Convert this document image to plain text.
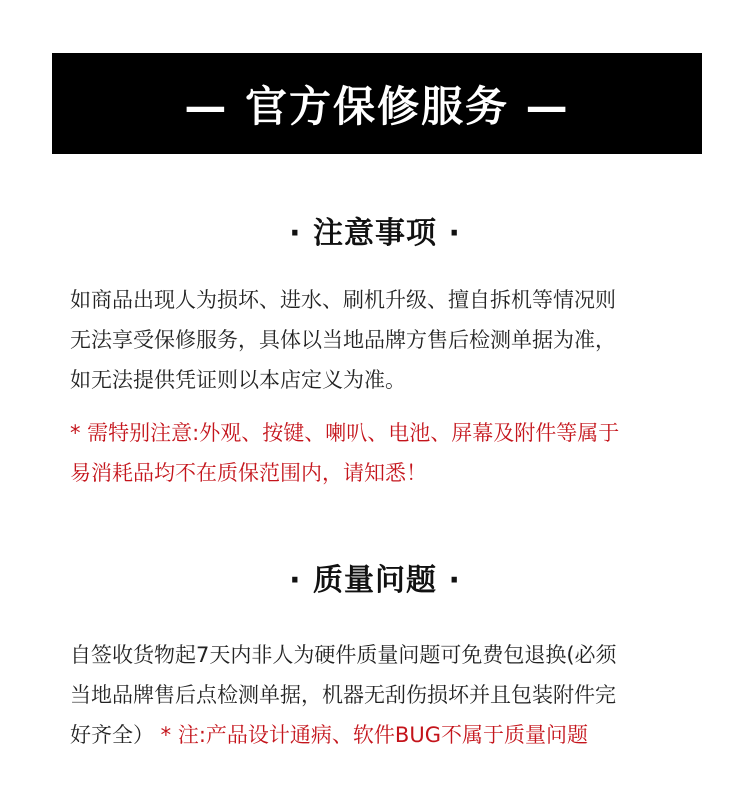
— 官方保修服务 —
· 注意事项 ·

如商品出现人为损坏、进水、刷机升级、擅自拆机等情况则
无法享受保修服务，具体以当地品牌方售后检测单据为准，
如无法提供凭证则以本店定义为准。

* 需特别注意:外观、按键、喇叭、电池、屏幕及附件等属于
易消耗品均不在质保范围内，请知悉！

· 质量问题 ·

自签收货物起7天内非人为硬件质量问题可免费包退换(必须
当地品牌售后点检测单据，机器无刮伤损坏并且包装附件完
好齐全） * 注:产品设计通病、软件BUG不属于质量问题
